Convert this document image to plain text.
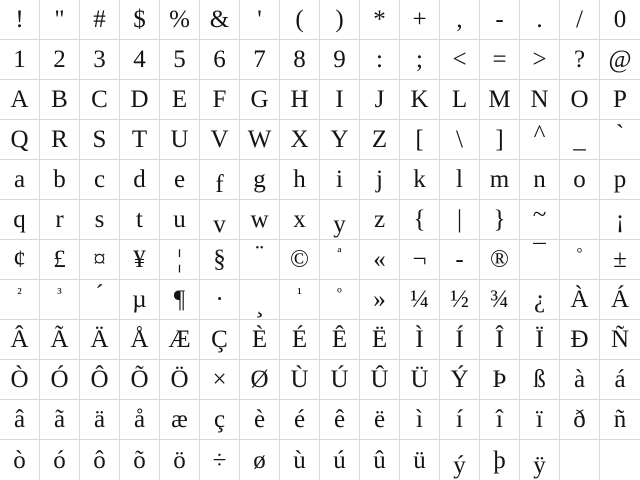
! " # $ % & ' ( ) * + , - . / 0
1 2 3 4 5 6 7 8 9 : ; < = > ? @
A B C D E F G H I J K L M N O P
Q R S T U V W X Y Z [ \ ] ^ _ `
a b c d e f g h i j k l m n o p
q r s t u v w x y z { | } ~	¡
¢ £ ¤ ¥ ¦ § ¨ © ª « ¬ - ® ¯ ° ±
² ³ ´ µ ¶ · ¸ ¹ º » ¼ ½ ¾ ¿ À Á
Â Ã Ä Å Æ Ç È É Ê Ë Ì Í Î Ï Ð Ñ
Ò Ó Ô Õ Ö × Ø Ù Ú Û Ü Ý Þ ß à á
â ã ä å æ ç è é ê ë ì í î ï ð ñ
ò ó ô õ ö ÷ ø ù ú û ü ý þ ÿ
